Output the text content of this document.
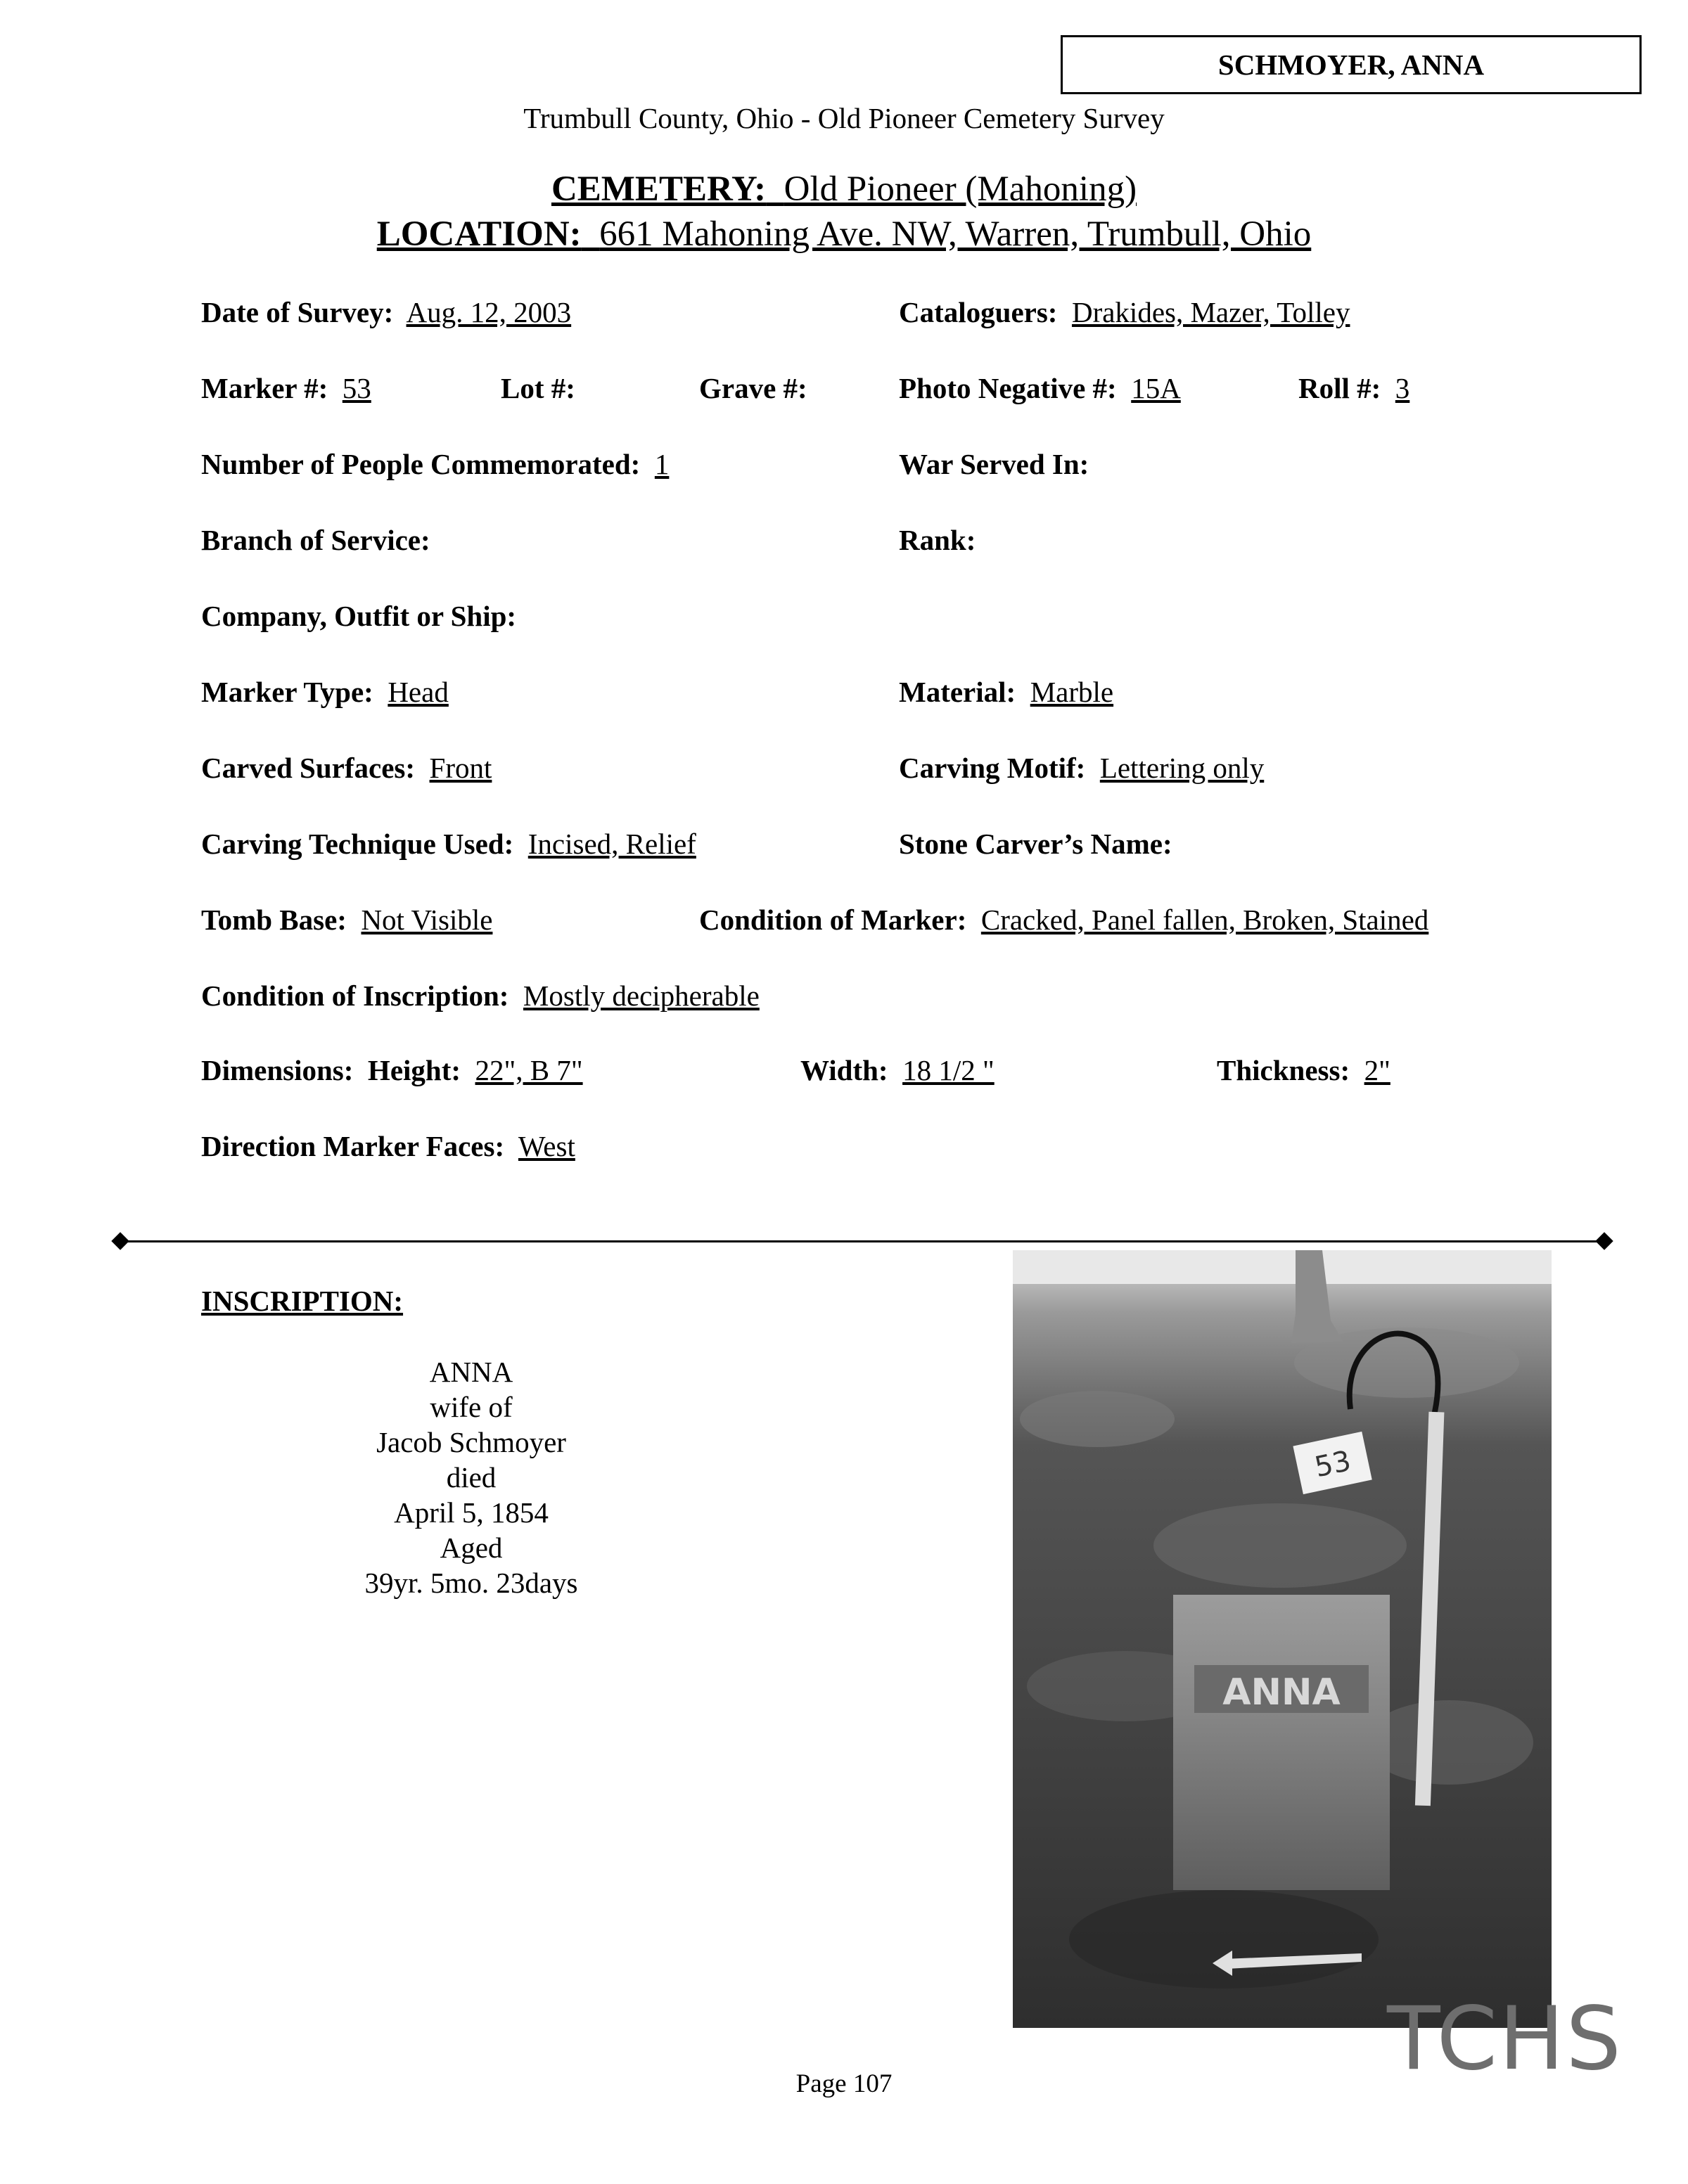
SCHMOYER, ANNA
Trumbull County, Ohio - Old Pioneer Cemetery Survey
CEMETERY: Old Pioneer (Mahoning)
LOCATION: 661 Mahoning Ave. NW, Warren, Trumbull, Ohio
Date of Survey: Aug. 12, 2003	Cataloguers: Drakides, Mazer, Tolley
Marker #: 53	Lot #:	Grave #:	Photo Negative #: 15A	Roll #: 3
Number of People Commemorated: 1	War Served In:
Branch of Service:	Rank:
Company, Outfit or Ship:
Marker Type: Head	Material: Marble
Carved Surfaces: Front	Carving Motif: Lettering only
Carving Technique Used: Incised, Relief	Stone Carver’s Name:
Tomb Base: Not Visible	Condition of Marker: Cracked, Panel fallen, Broken, Stained
Condition of Inscription: Mostly decipherable
Dimensions: Height: 22", B 7"	Width: 18 1/2 "	Thickness: 2"
Direction Marker Faces: West
INSCRIPTION:
ANNA
wife of
Jacob Schmoyer
died
April 5, 1854
Aged
39yr. 5mo. 23days
53
ANNA
Page 107	TCHS
